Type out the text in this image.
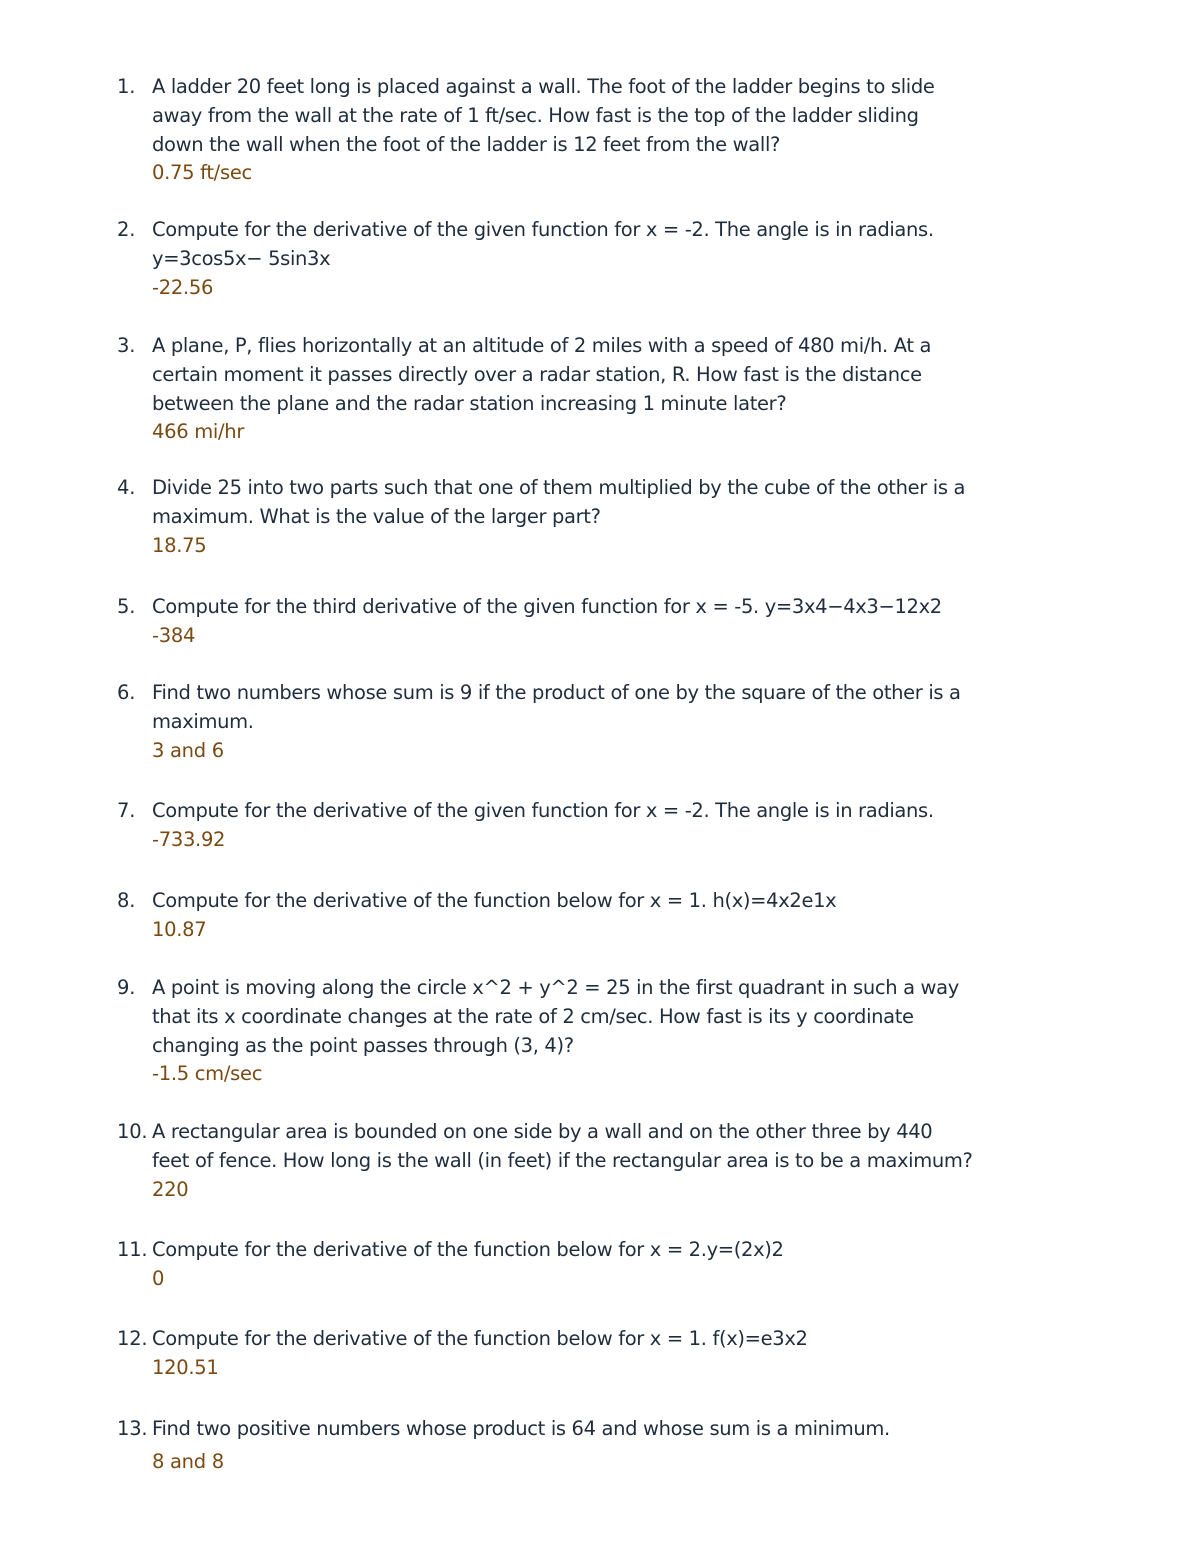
1. A ladder 20 feet long is placed against a wall. The foot of the ladder begins to slide
away from the wall at the rate of 1 ft/sec. How fast is the top of the ladder sliding
down the wall when the foot of the ladder is 12 feet from the wall?
0.75 ft/sec
2. Compute for the derivative of the given function for x = -2. The angle is in radians.
y=3cos5x− 5sin3x
-22.56
3. A plane, P, flies horizontally at an altitude of 2 miles with a speed of 480 mi/h. At a
certain moment it passes directly over a radar station, R. How fast is the distance
between the plane and the radar station increasing 1 minute later?
466 mi/hr
4. Divide 25 into two parts such that one of them multiplied by the cube of the other is a
maximum. What is the value of the larger part?
18.75
5. Compute for the third derivative of the given function for x = -5. y=3x4−4x3−12x2
-384
6. Find two numbers whose sum is 9 if the product of one by the square of the other is a
maximum.
3 and 6
7. Compute for the derivative of the given function for x = -2. The angle is in radians.
-733.92
8. Compute for the derivative of the function below for x = 1. h(x)=4x2e1x
10.87
9. A point is moving along the circle x^2 + y^2 = 25 in the first quadrant in such a way
that its x coordinate changes at the rate of 2 cm/sec. How fast is its y coordinate
changing as the point passes through (3, 4)?
-1.5 cm/sec
10. A rectangular area is bounded on one side by a wall and on the other three by 440
feet of fence. How long is the wall (in feet) if the rectangular area is to be a maximum?
220
11. Compute for the derivative of the function below for x = 2.y=(2x)2
0
12. Compute for the derivative of the function below for x = 1. f(x)=e3x2
120.51
13. Find two positive numbers whose product is 64 and whose sum is a minimum.
8 and 8
